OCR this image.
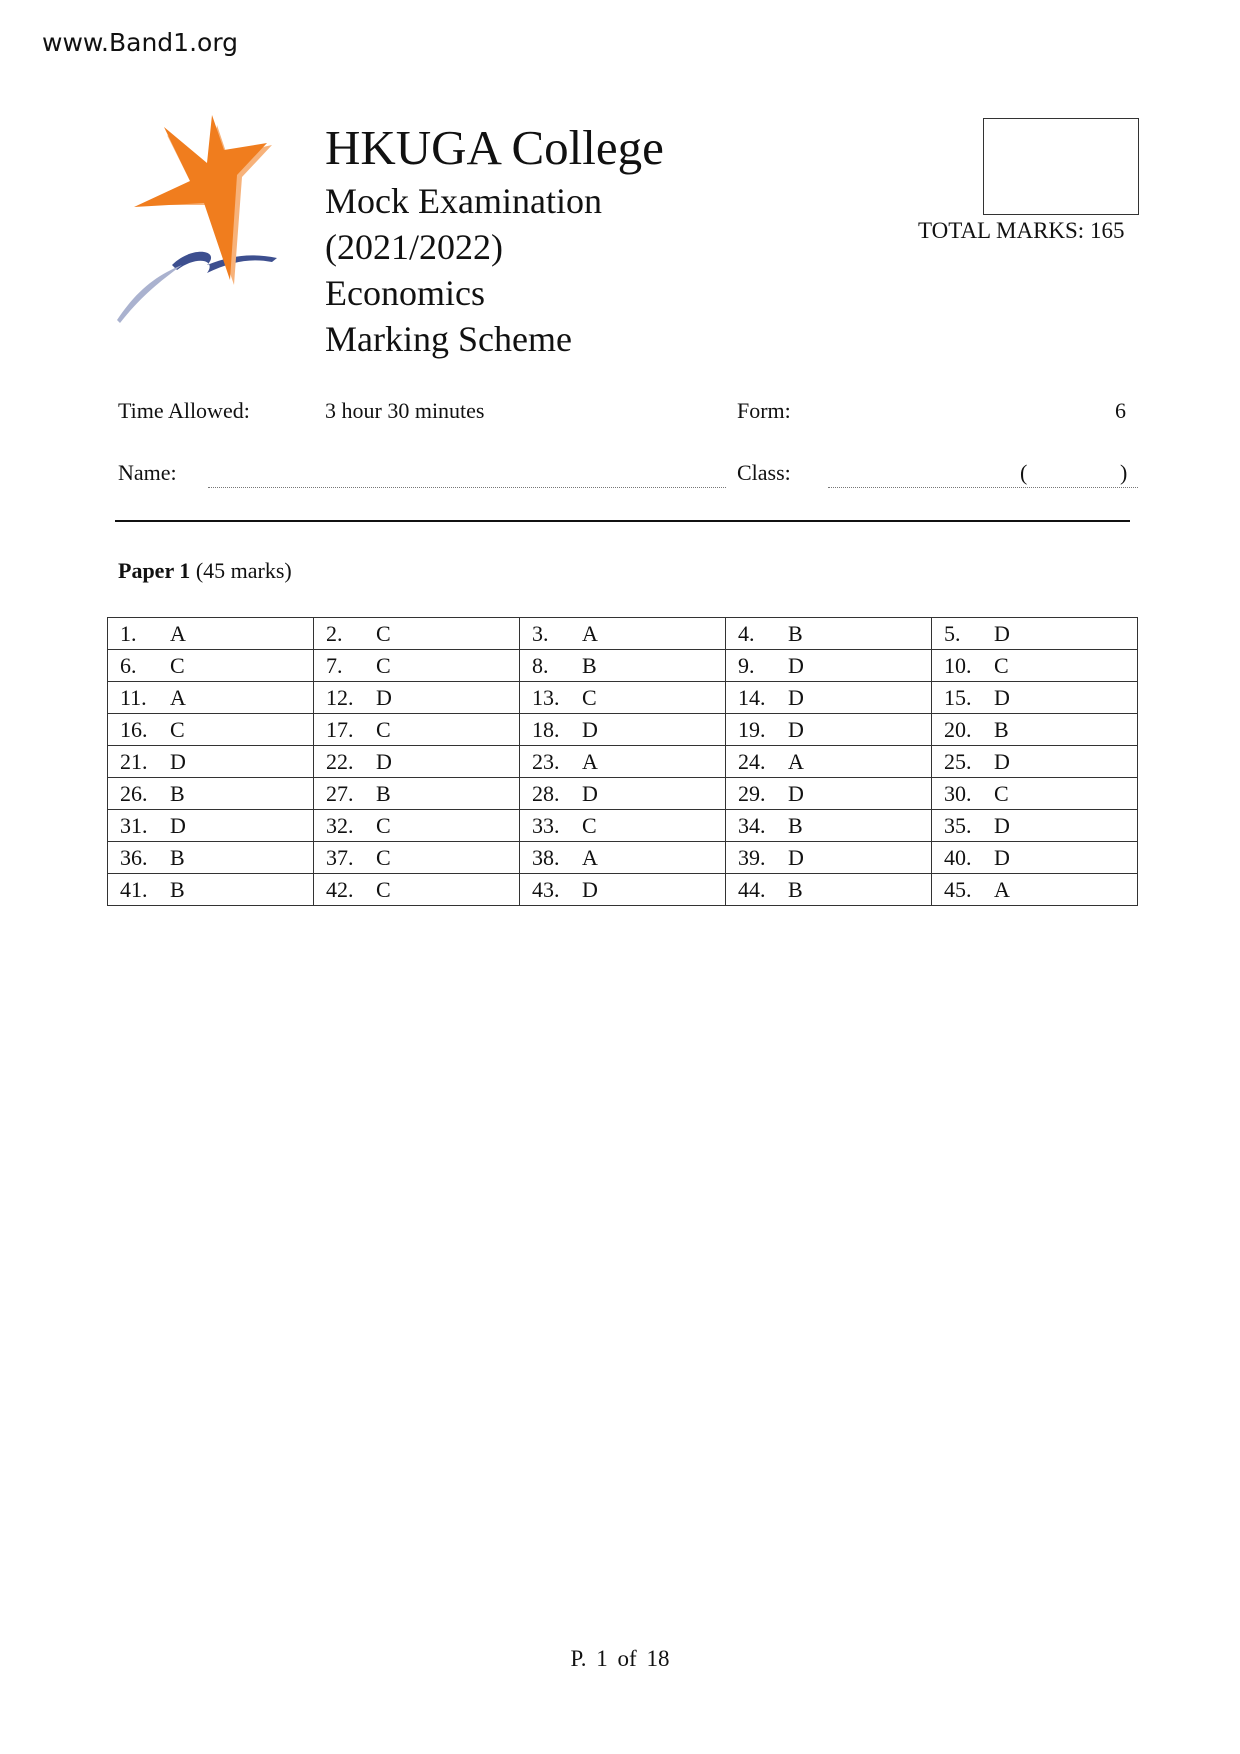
www.Band1.org
HKUGA College
Mock Examination
(2021/2022)
Economics
Marking Scheme
TOTAL MARKS: 165
Time Allowed:	3 hour 30 minutes	Form:	6
Name:	Class:	(	)
Paper 1 (45 marks)
1. A	2. C	3. A	4. B	5. D
6. C	7. C	8. B	9. D	10. C
11. A	12. D	13. C	14. D	15. D
16. C	17. C	18. D	19. D	20. B
21. D	22. D	23. A	24. A	25. D
26. B	27. B	28. D	29. D	30. C
31. D	32. C	33. C	34. B	35. D
36. B	37. C	38. A	39. D	40. D
41. B	42. C	43. D	44. B	45. A
P. 1 of 18
